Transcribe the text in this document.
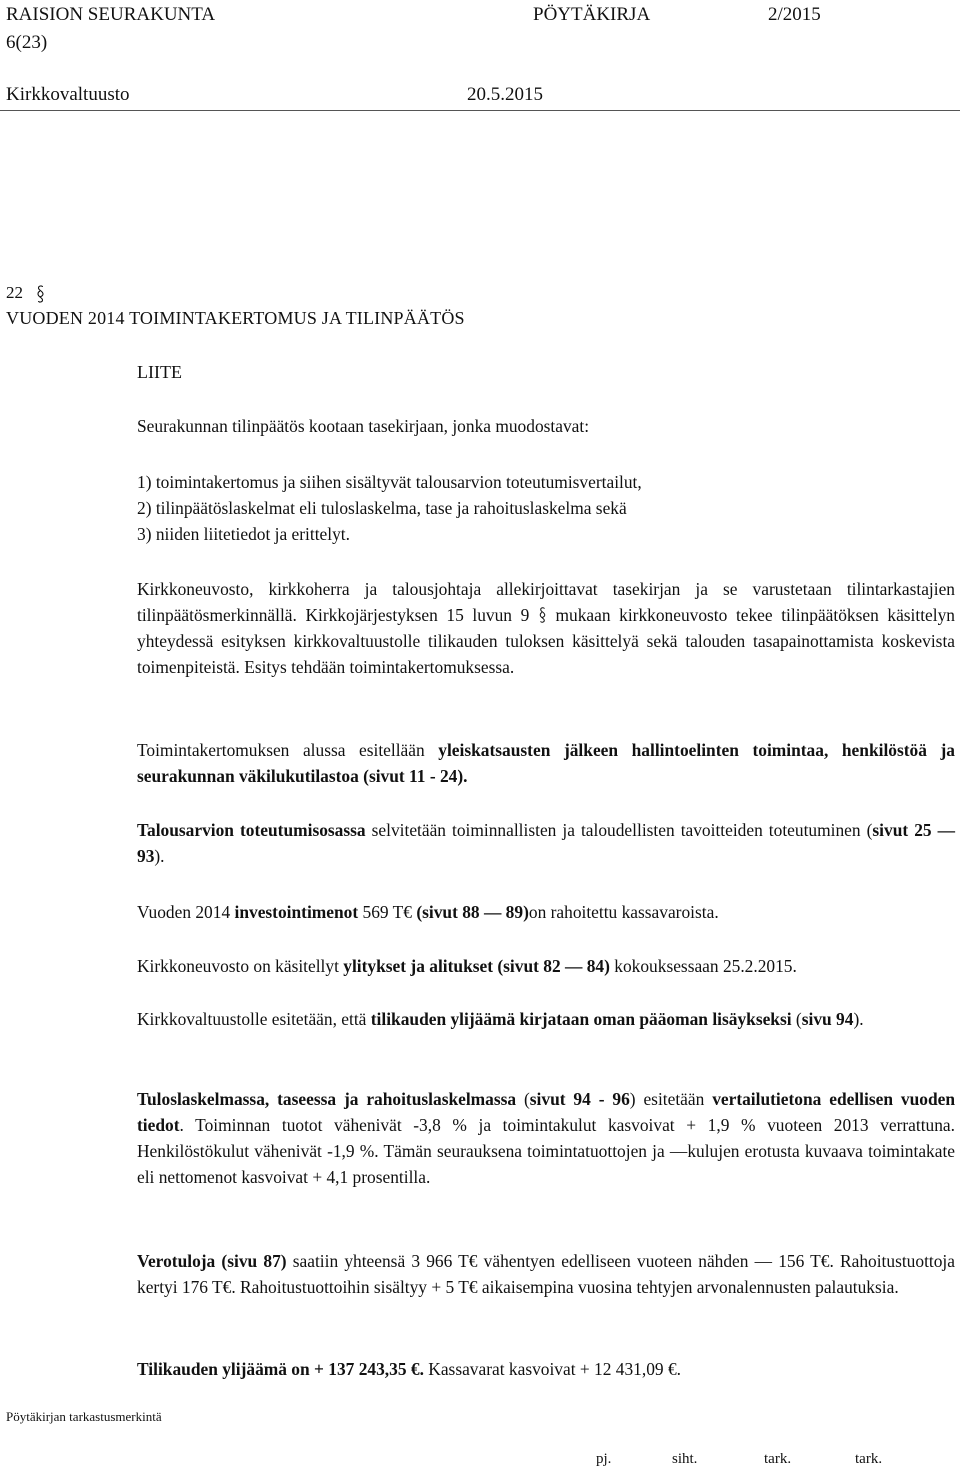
RAISION SEURAKUNTA	PÖYTÄKIRJA	2/2015
6(23)
Kirkkovaltuusto	20.5.2015
22
VUODEN 2014 TOIMINTAKERTOMUS JA TILINPÄÄTÖS
LIITE

Seurakunnan tilinpäätös kootaan tasekirjaan, jonka muodostavat:

1) toimintakertomus ja siihen sisältyvät talousarvion toteutumisvertailut,

2) tilinpäätöslaskelmat eli tuloslaskelma, tase ja rahoituslaskelma sekä

3) niiden liitetiedot ja erittelyt.

Kirkkoneuvosto, kirkkoherra ja talousjohtaja allekirjoittavat tasekirjan ja se varustetaan tilintarkastajien tilinpäätösmerkinnällä. Kirkkojärjestyksen 15 luvun 9  mukaan kirkkoneuvosto tekee tilinpäätöksen käsittelyn yhteydessä esityksen kirkkovaltuustolle tilikauden tuloksen käsittelyä sekä talouden tasapainottamista koskevista toimenpiteistä. Esitys tehdään toimintakertomuksessa.

Toimintakertomuksen alussa esitellään yleiskatsausten jälkeen hallintoelinten toimintaa, henkilöstöä ja seurakunnan väkilukutilastoa (sivut 11 - 24).

Talousarvion toteutumisosassa selvitetään toiminnallisten ja taloudellisten tavoitteiden toteutuminen (sivut 25 — 93).

Vuoden 2014 investointimenot 569 T€ (sivut 88 — 89)on rahoitettu kassavaroista.

Kirkkoneuvosto on käsitellyt ylitykset ja alitukset (sivut 82 — 84) kokouksessaan 25.2.2015.

Kirkkovaltuustolle esitetään, että tilikauden ylijäämä kirjataan oman pääoman lisäykseksi (sivu 94).

Tuloslaskelmassa, taseessa ja rahoituslaskelmassa (sivut 94 - 96) esitetään vertailutietona edellisen vuoden tiedot. Toiminnan tuotot vähenivät -3,8 % ja toimintakulut kasvoivat + 1,9 % vuoteen 2013 verrattuna. Henkilöstökulut vähenivät -1,9 %. Tämän seurauksena toimintatuottojen ja —kulujen erotusta kuvaava toimintakate eli nettomenot kasvoivat + 4,1 prosentilla.

Verotuloja (sivu 87) saatiin yhteensä 3 966 T€ vähentyen edelliseen vuoteen nähden — 156 T€. Rahoitustuottoja kertyi 176 T€. Rahoitustuottoihin sisältyy + 5 T€ aikaisempina vuosina tehtyjen arvonalennusten palautuksia.

Tilikauden ylijäämä on + 137 243,35 €. Kassavarat kasvoivat + 12 431,09 €.

Pöytäkirjan tarkastusmerkintä
pj.	siht.	tark.	tark.
